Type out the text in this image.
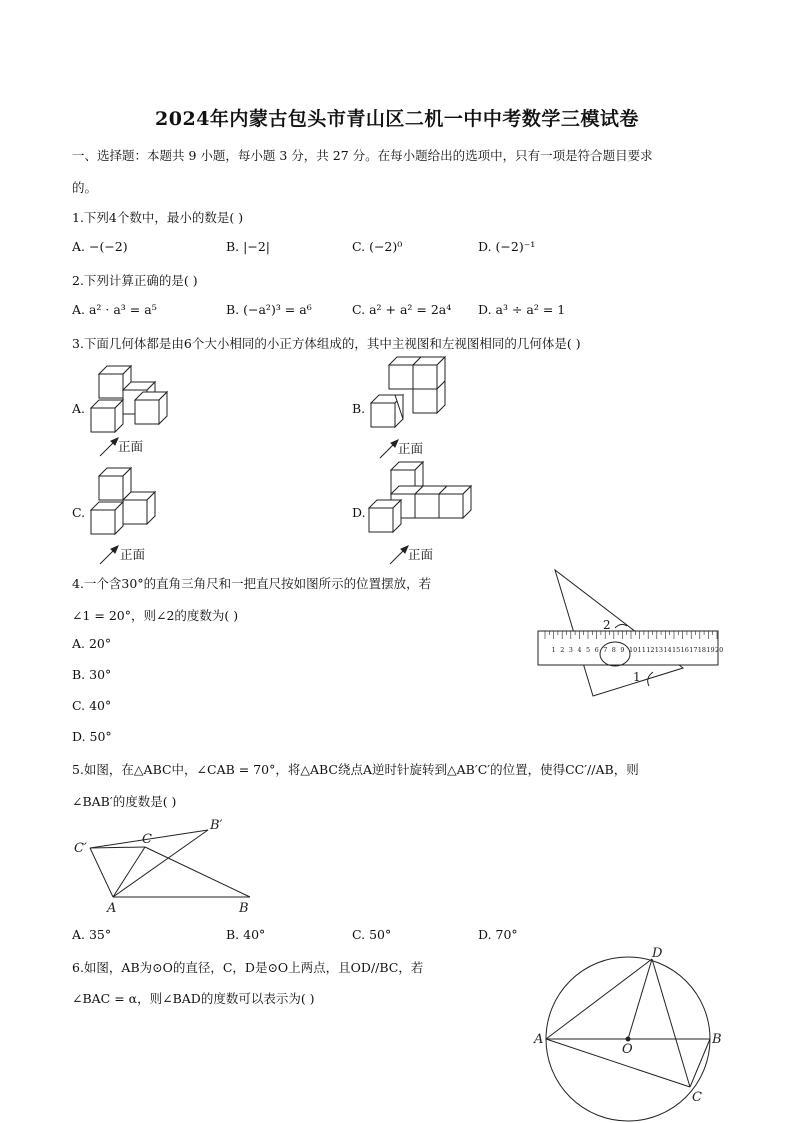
2024年内蒙古包头市青山区二机一中中考数学三模试卷
一、选择题：本题共 9 小题，每小题 3 分，共 27 分。在每小题给出的选项中，只有一项是符合题目要求
的。
1.下列4个数中，最小的数是( )
A. −(−2)	B. |−2|	C. (−2)⁰	D. (−2)⁻¹
2.下列计算正确的是( )
A. a² · a³ = a⁵	B. (−a²)³ = a⁶	C. a² + a² = 2a⁴ D. a³ ÷ a² = 1
3.下面几何体都是由6个大小相同的小正方体组成的，其中主视图和左视图相同的几何体是( )
A.	B.
C.	D.
正面	正面
正面	正面
4.一个含30°的直角三角尺和一把直尺按如图所示的位置摆放，若
∠1 = 20°，则∠2的度数为( )
A. 20°
B. 30°
C. 40°
D. 50°
1 2 3 4 5 6 7 8 9 10 11 12 13 14 15 16 17 18 19 20
2
1
5.如图，在△ABC中，∠CAB = 70°，将△ABC绕点A逆时针旋转到△AB′C′的位置，使得CC′//AB，则
∠BAB′的度数是( )
C′
C
B′
A	B
A. 35°	B. 40°	C. 50°	D. 70°
6.如图，AB为⊙O的直径，C，D是⊙O上两点，且OD//BC，若
∠BAC = α，则∠BAD的度数可以表示为( )
D
A
O
B
C
